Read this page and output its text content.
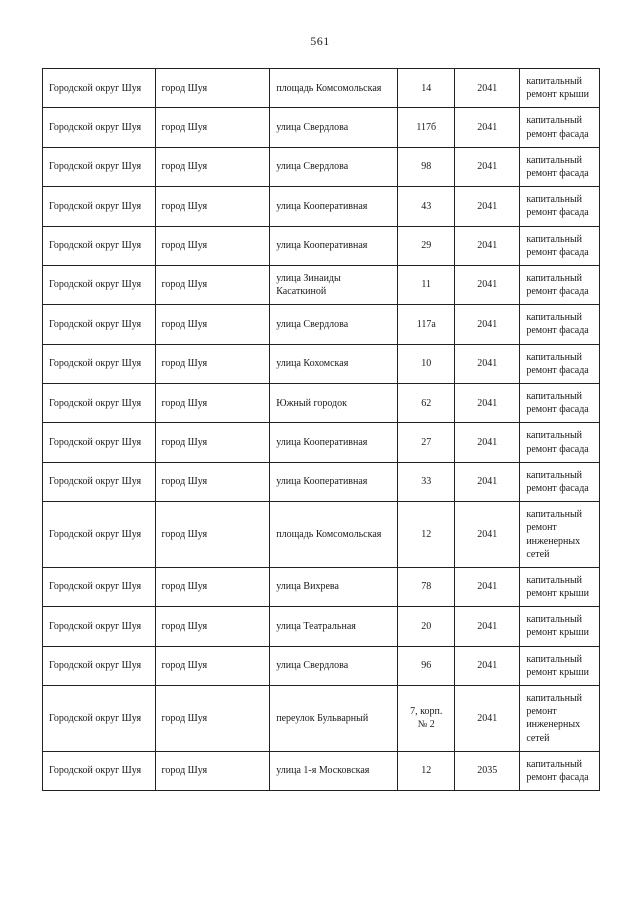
561
Городской округ Шуя	город Шуя	площадь Комсомольская	14	2041	капитальный ремонт крыши
Городской округ Шуя	город Шуя	улица Свердлова	117б	2041	капитальный ремонт фасада
Городской округ Шуя	город Шуя	улица Свердлова	98	2041	капитальный ремонт фасада
Городской округ Шуя	город Шуя	улица Кооперативная	43	2041	капитальный ремонт фасада
Городской округ Шуя	город Шуя	улица Кооперативная	29	2041	капитальный ремонт фасада
Городской округ Шуя	город Шуя	улица Зинаиды Касаткиной	11	2041	капитальный ремонт фасада
Городской округ Шуя	город Шуя	улица Свердлова	117а	2041	капитальный ремонт фасада
Городской округ Шуя	город Шуя	улица Кохомская	10	2041	капитальный ремонт фасада
Городской округ Шуя	город Шуя	Южный городок	62	2041	капитальный ремонт фасада
Городской округ Шуя	город Шуя	улица Кооперативная	27	2041	капитальный ремонт фасада
Городской округ Шуя	город Шуя	улица Кооперативная	33	2041	капитальный ремонт фасада
Городской округ Шуя	город Шуя	площадь Комсомольская	12	2041	капитальный ремонт инженерных сетей
Городской округ Шуя	город Шуя	улица Вихрева	78	2041	капитальный ремонт крыши
Городской округ Шуя	город Шуя	улица Театральная	20	2041	капитальный ремонт крыши
Городской округ Шуя	город Шуя	улица Свердлова	96	2041	капитальный ремонт крыши
Городской округ Шуя	город Шуя	переулок Бульварный	7, корп. № 2	2041	капитальный ремонт инженерных сетей
Городской округ Шуя	город Шуя	улица 1-я Московская	12	2035	капитальный ремонт фасада
